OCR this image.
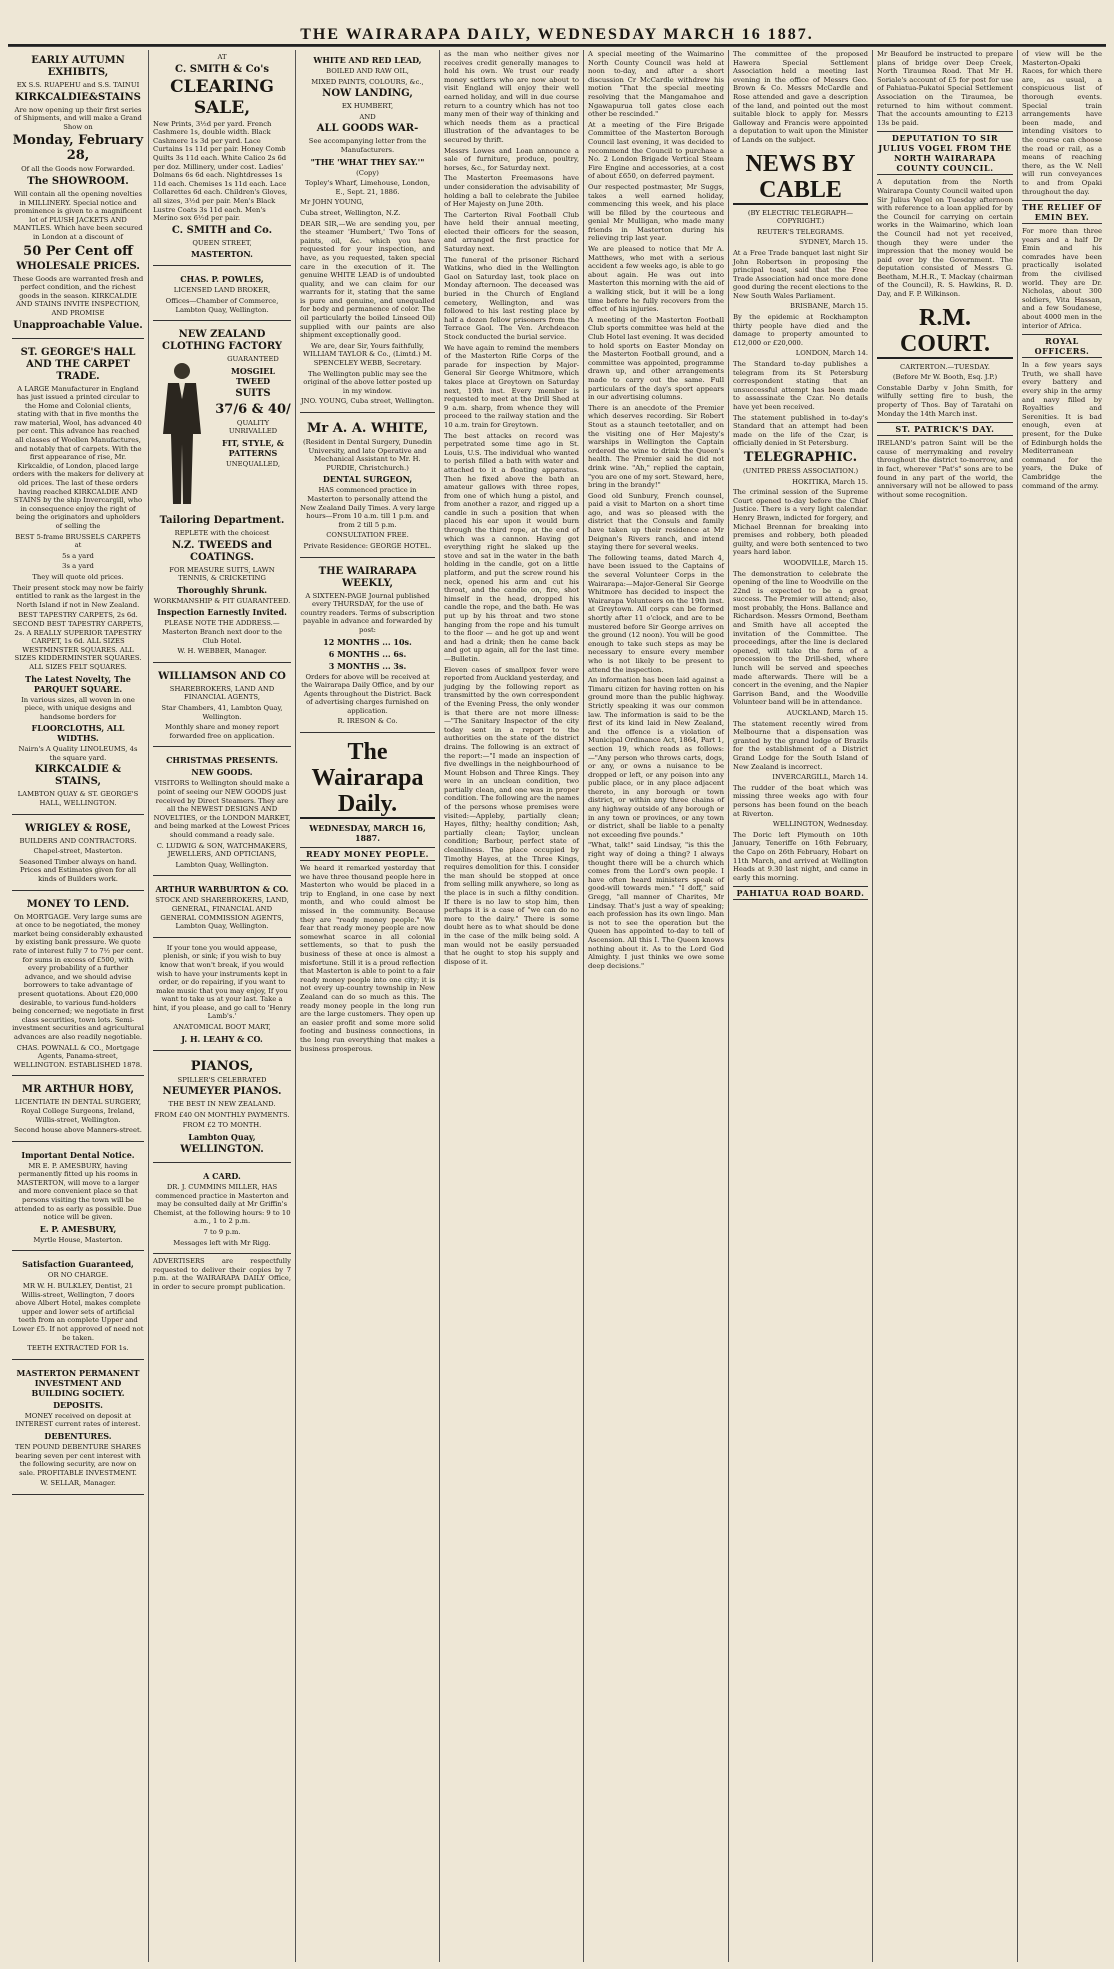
THE WAIRARAPA DAILY, WEDNESDAY MARCH 16 1887.
EARLY AUTUMN EXHIBITS,

EX S.S. RUAPEHU and S.S. TAINUI

KIRKCALDIE&STAINS

Are now opening up their first series of Shipments, and will make a Grand Show on

Monday, February 28,

Of all the Goods now Forwarded.

The SHOWROOM.

Will contain all the opening novelties in MILLINERY. Special notice and prominence is given to a magnificent lot of PLUSH JACKETS AND MANTLES. Which have been secured in London at a discount of

50 Per Cent off
WHOLESALE PRICES.

These Goods are warranted fresh and perfect condition, and the richest goods in the season. KIRKCALDIE AND STAINS INVITE INSPECTION, AND PROMISE

Unapproachable Value.
ST. GEORGE'S HALL AND THE CARPET TRADE.

A LARGE Manufacturer in England has just issued a printed circular to the Home and Colonial clients, stating with that in five months the raw material, Wool, has advanced 40 per cent. This advance has reached all classes of Woollen Manufactures, and notably that of carpets. With the first appearance of rise, Mr. Kirkcaldie, of London, placed large orders with the makers for delivery at old prices. The last of these orders having reached KIRKCALDIE AND STAINS by the ship Invercargill, who in consequence enjoy the right of being the originators and upholders of selling the

BEST 5-frame BRUSSELS CARPETS at

5s a yard

3s a yard

They will quote old prices.

Their present stock may now be fairly entitled to rank as the largest in the North Island if not in New Zealand.

BEST TAPESTRY CARPETS, 2s 6d. SECOND BEST TAPESTRY CARPETS, 2s. A REALLY SUPERIOR TAPESTRY CARPET, 1s 6d. ALL SIZES WESTMINSTER SQUARES. ALL SIZES KIDDERMINSTER SQUARES. ALL SIZES FELT SQUARES.

The Latest Novelty, The PARQUET SQUARE.

In various sizes, all woven in one piece, with unique designs and handsome borders for

FLOORCLOTHS, ALL WIDTHS.

Nairn's A Quality LINOLEUMS, 4s the square yard.

KIRKCALDIE & STAINS,

LAMBTON QUAY & ST. GEORGE'S HALL, WELLINGTON.

WRIGLEY & ROSE,

BUILDERS AND CONTRACTORS.

Chapel-street, Masterton.

Seasoned Timber always on hand. Prices and Estimates given for all kinds of Builders work.

MONEY TO LEND.

On MORTGAGE. Very large sums are at once to be negotiated, the money market being considerably exhausted by existing bank pressure. We quote rate of interest fully 7 to 7½ per cent. for sums in excess of £500, with every probability of a further advance, and we should advise borrowers to take advantage of present quotations. About £20,000 desirable, to various fund-holders being concerned; we negotiate in first class securities, town lots. Semi-investment securities and agricultural advances are also readily negotiable.

CHAS. POWNALL & CO., Mortgage Agents, Panama-street, WELLINGTON. ESTABLISHED 1878.

MR ARTHUR HOBY,

LICENTIATE IN DENTAL SURGERY, Royal College Surgeons, Ireland, Willis-street, Wellington.

Second house above Manners-street.

Important Dental Notice.

MR E. P. AMESBURY, having permanently fitted up his rooms in MASTERTON, will move to a larger and more convenient place so that persons visiting the town will be attended to as early as possible. Due notice will be given.

E. P. AMESBURY,

Myrtle House, Masterton.

Satisfaction Guaranteed,

OR NO CHARGE.

MR W. H. BULKLEY, Dentist, 21 Willis-street, Wellington, 7 doors above Albert Hotel, makes complete upper and lower sets of artificial teeth from an complete Upper and Lower £5. If not approved of need not be taken.

TEETH EXTRACTED FOR 1s.

MASTERTON PERMANENT INVESTMENT AND BUILDING SOCIETY.
DEPOSITS.

MONEY received on deposit at INTEREST current rates of interest.

DEBENTURES.

TEN POUND DEBENTURE SHARES bearing seven per cent interest with the following security, are now on sale. PROFITABLE INVESTMENT.

W. SELLAR, Manager.

AT

C. SMITH & Co's
CLEARING
SALE,

New Prints, 3½d per yard. French Cashmere 1s, double width. Black Cashmere 1s 3d per yard. Lace Curtains 1s 11d per pair. Honey Comb Quilts 3s 11d each. White Calico 2s 6d per doz. Millinery, under cost. Ladies' Dolmans 6s 6d each. Nightdresses 1s 11d each. Chemises 1s 11d each. Lace Collarettes 6d each. Children's Gloves, all sizes, 3½d per pair. Men's Black Lustre Coats 3s 11d each. Men's Merino sox 6½d per pair.

C. SMITH and Co.

QUEEN STREET,

MASTERTON.
CHAS. P. POWLES,

LICENSED LAND BROKER,

Offices—Chamber of Commerce, Lambton Quay, Wellington.

NEW ZEALAND CLOTHING FACTORY

GUARANTEED

MOSGIEL TWEED
SUITS
37/6 & 40/

QUALITY UNRIVALLED

FIT, STYLE, & PATTERNS

UNEQUALLED,

Tailoring Department.

REPLETE with the choicest

N.Z. TWEEDS and COATINGS.

FOR MEASURE SUITS, LAWN TENNIS, & CRICKETING

Thoroughly Shrunk.

WORKMANSHIP & FIT GUARANTEED.

Inspection Earnestly Invited.

PLEASE NOTE THE ADDRESS.— Masterton Branch next door to the Club Hotel.

W. H. WEBBER, Manager.

WILLIAMSON AND CO

SHAREBROKERS, LAND AND FINANCIAL AGENTS,

Star Chambers, 41, Lambton Quay, Wellington.

Monthly share and money report forwarded free on application.

CHRISTMAS PRESENTS.
NEW GOODS.

VISITORS to Wellington should make a point of seeing our NEW GOODS just received by Direct Steamers. They are all the NEWEST DESIGNS AND NOVELTIES, or the LONDON MARKET, and being marked at the Lowest Prices should command a ready sale.

C. LUDWIG & SON, WATCHMAKERS, JEWELLERS, AND OPTICIANS,

Lambton Quay, Wellington.

ARTHUR WARBURTON & CO.

STOCK AND SHAREBROKERS, LAND, GENERAL, FINANCIAL AND GENERAL COMMISSION AGENTS, Lambton Quay, Wellington.

If your tone you would appease, plenish, or sink; if you wish to buy know that won't break, if you would wish to have your instruments kept in order, or do repairing, if you want to make music that you may enjoy, If you want to take us at your last. Take a hint, if you please, and go call to 'Henry Lamb's.'

ANATOMICAL BOOT MART,

J. H. LEAHY & CO.
PIANOS,

SPILLER'S CELEBRATED

NEUMEYER PIANOS.

THE BEST IN NEW ZEALAND.

FROM £40 ON MONTHLY PAYMENTS.

FROM £2 TO MONTH.

Lambton Quay,
WELLINGTON.
A CARD.

DR. J. CUMMINS MILLER, HAS commenced practice in Masterton and may be consulted daily at Mr Griffin's Chemist, at the following hours: 9 to 10 a.m., 1 to 2 p.m.

7 to 9 p.m.

Messages left with Mr Rigg.

ADVERTISERS are respectfully requested to deliver their copies by 7 p.m. at the WAIRARAPA DAILY Office, in order to secure prompt publication.

WHITE AND RED LEAD,

BOILED AND RAW OIL,

MIXED PAINTS, COLOURS, &c.,

NOW LANDING,

EX HUMBERT,

AND

ALL GOODS WAR-

See accompanying letter from the Manufacturers.

"THE 'WHAT THEY SAY.'"

(Copy)

Topley's Wharf, Limehouse, London, E., Sept. 21, 1886.

Mr JOHN YOUNG,

Cuba street, Wellington, N.Z.

DEAR SIR,—We are sending you, per the steamer 'Humbert,' Two Tons of paints, oil, &c. which you have requested for your inspection, and have, as you requested, taken special care in the execution of it. The genuine WHITE LEAD is of undoubted quality, and we can claim for our warrants for it, stating that the same is pure and genuine, and unequalled for body and permanence of color. The oil particularly the boiled Linseed Oil) supplied with our paints are also shipment exceptionally good.

We are, dear Sir, Yours faithfully, WILLIAM TAYLOR & Co., (Limtd.) M. SPENCELEY WEBB, Secretary.

The Wellington public may see the original of the above letter posted up in my window.

JNO. YOUNG, Cuba street, Wellington.

Mr A. A. WHITE,

(Resident in Dental Surgery, Dunedin University, and late Operative and Mechanical Assistant to Mr. H. PURDIE, Christchurch.)

DENTAL SURGEON,

HAS commenced practice in Masterton to personally attend the New Zealand Daily Times. A very large hours—From 10 a.m. till 1 p.m. and from 2 till 5 p.m.

CONSULTATION FREE.

Private Residence: GEORGE HOTEL.

THE WAIRARAPA WEEKLY,

A SIXTEEN-PAGE Journal published every THURSDAY, for the use of country readers. Terms of subscription payable in advance and forwarded by post:

12 MONTHS ... 10s.
6 MONTHS ... 6s.
3 MONTHS ... 3s.

Orders for above will be received at the Wairarapa Daily Office, and by our Agents throughout the District. Back of advertising charges furnished on application.

R. IRESON & Co.

The Wairarapa Daily.
WEDNESDAY, MARCH 16, 1887.
READY MONEY PEOPLE.

We heard it remarked yesterday that we have three thousand people here in Masterton who would be placed in a trip to England, in one case by next month, and who could almost be missed in the community. Because they are "ready money people." We fear that ready money people are now somewhat scarce in all colonial settlements, so that to push the business of these at once is almost a misfortune. Still it is a proud reflection that Masterton is able to point to a fair ready money people into one city; it is not every up-country township in New Zealand can do so much as this. The ready money people in the long run are the large customers. They open up an easier profit and some more solid footing and business connections, in the long run everything that makes a business prosperous.

as the man who neither gives nor receives credit generally manages to hold his own. We trust our ready money settlers who are now about to visit England will enjoy their well earned holiday, and will in due course return to a country which has not too many men of their way of thinking and which needs them as a practical illustration of the advantages to be secured by thrift.

Messrs Lowes and Loan announce a sale of furniture, produce, poultry, horses, &c., for Saturday next.

The Masterton Freemasons have under consideration the advisability of holding a ball to celebrate the Jubilee of Her Majesty on June 20th.

The Carterton Rival Football Club have held their annual meeting, elected their officers for the season, and arranged the first practice for Saturday next.

The funeral of the prisoner Richard Watkins, who died in the Wellington Gaol on Saturday last, took place on Monday afternoon. The deceased was buried in the Church of England cemetery, Wellington, and was followed to his last resting place by half a dozen fellow prisoners from the Terrace Gaol. The Ven. Archdeacon Stock conducted the burial service.

We have again to remind the members of the Masterton Rifle Corps of the parade for inspection by Major-General Sir George Whitmore, which takes place at Greytown on Saturday next, 19th inst. Every member is requested to meet at the Drill Shed at 9 a.m. sharp, from whence they will proceed to the railway station and the 10 a.m. train for Greytown.

The best attacks on record was perpetrated some time ago in St. Louis, U.S. The individual who wanted to perish filled a bath with water and attached to it a floating apparatus. Then he fixed above the bath an amateur gallows with three ropes, from one of which hung a pistol, and from another a razor, and rigged up a candle in such a position that when placed his ear upon it would burn through the third rope, at the end of which was a cannon. Having got everything right he slaked up the stove and sat in the water in the bath holding in the candle, got on a little platform, and put the screw round his neck, opened his arm and cut his throat, and the candle on, fire, shot himself in the head, dropped his candle the rope, and the bath. He was put up by his throat and two stone hanging from the rope and his tumult to the floor — and he got up and went and had a drink; then he came back and got up again, all for the last time.—Bulletin.

Eleven cases of smallpox fever were reported from Auckland yesterday, and judging by the following report as transmitted by the own correspondent of the Evening Press, the only wonder is that there are not more illness:—"The Sanitary Inspector of the city today sent in a report to the authorities on the state of the district drains. The following is an extract of the report:—"I made an inspection of five dwellings in the neighbourhood of Mount Hobson and Three Kings. They were in an unclean condition, two partially clean, and one was in proper condition. The following are the names of the persons whose premises were visited:—Appleby, partially clean; Hayes, filthy; healthy condition; Ash, partially clean; Taylor, unclean condition; Barbour, perfect state of cleanliness. The place occupied by Timothy Hayes, at the Three Kings, requires demolition for this. I consider the man should be stopped at once from selling milk anywhere, so long as the place is in such a filthy condition. If there is no law to stop him, then perhaps it is a case of "we can do no more to the dairy." There is some doubt here as to what should be done in the case of the milk being sold. A man would not be easily persuaded that he ought to stop his supply and dispose of it.

A special meeting of the Waimarino North County Council was held at noon to-day, and after a short discussion Cr McCardle withdrew his motion "That the special meeting resolving that the Mangamahoe and Ngawapurua toll gates close each other be rescinded."

At a meeting of the Fire Brigade Committee of the Masterton Borough Council last evening, it was decided to recommend the Council to purchase a No. 2 London Brigade Vertical Steam Fire Engine and accessories, at a cost of about £650, on deferred payment.

Our respected postmaster, Mr Suggs, takes a well earned holiday, commencing this week, and his place will be filled by the courteous and genial Mr Mulligan, who made many friends in Masterton during his relieving trip last year.

We are pleased to notice that Mr A. Matthews, who met with a serious accident a few weeks ago, is able to go about again. He was out into Masterton this morning with the aid of a walking stick, but it will be a long time before he fully recovers from the effect of his injuries.

A meeting of the Masterton Football Club sports committee was held at the Club Hotel last evening. It was decided to hold sports on Easter Monday on the Masterton Football ground, and a committee was appointed, programme drawn up, and other arrangements made to carry out the same. Full particulars of the day's sport appears in our advertising columns.

There is an anecdote of the Premier which deserves recording. Sir Robert Stout as a staunch teetotaller, and on the visiting one of Her Majesty's warships in Wellington the Captain ordered the wine to drink the Queen's health. The Premier said he did not drink wine. "Ah," replied the captain, "you are one of my sort. Steward, here, bring in the brandy!"

Good old Sunbury, French counsel, paid a visit to Marton on a short time ago, and was so pleased with the district that the Consuls and family have taken up their residence at Mr Deignan's Rivers ranch, and intend staying there for several weeks.

The following teams, dated March 4, have been issued to the Captains of the several Volunteer Corps in the Wairarapa:—Major-General Sir George Whitmore has decided to inspect the Wairarapa Volunteers on the 19th inst. at Greytown. All corps can be formed shortly after 11 o'clock, and are to be mustered before Sir George arrives on the ground (12 noon). You will be good enough to take such steps as may be necessary to ensure every member who is not likely to be present to attend the inspection.

An information has been laid against a Timaru citizen for having rotten on his ground more than the public highway. Strictly speaking it was our common law. The information is said to be the first of its kind laid in New Zealand, and the offence is a violation of Municipal Ordinance Act, 1864, Part 1, section 19, which reads as follows:—"Any person who throws carts, dogs, or any, or owns a nuisance to be dropped or left, or any poison into any public place, or in any place adjacent thereto, in any borough or town district, or within any three chains of any highway outside of any borough or in any town or provinces, or any town or district, shall be liable to a penalty not exceeding five pounds."

"What, talk!" said Lindsay, "is this the right way of doing a thing? I always thought there will be a church which comes from the Lord's own people. I have often heard ministers speak of good-will towards men." "I doff," said Gregg, "all manner of Charites, Mr Lindsay. That's just a way of speaking; each profession has its own lingo. Man is not to see the operation but the Queen has appointed to-day to tell of Ascension. All this I. The Queen knows nothing about it. As to the Lord God Almighty. I just thinks we owe some deep decisions."

The committee of the proposed Hawera Special Settlement Association held a meeting last evening in the office of Messrs Geo. Brown & Co. Messrs McCardle and Rose attended and gave a description of the land, and pointed out the most suitable block to apply for. Messrs Galloway and Francis were appointed a deputation to wait upon the Minister of Lands on the subject.

NEWS BY CABLE

(BY ELECTRIC TELEGRAPH—COPYRIGHT.)

REUTER'S TELEGRAMS.

SYDNEY, March 15.

At a Free Trade banquet last night Sir John Robertson in proposing the principal toast, said that the Free Trade Association had once more done good during the recent elections to the New South Wales Parliament.

BRISBANE, March 15.

By the epidemic at Rockhampton thirty people have died and the damage to property amounted to £12,000 or £20,000.

LONDON, March 14.

The Standard to-day publishes a telegram from its St Petersburg correspondent stating that an unsuccessful attempt has been made to assassinate the Czar. No details have yet been received.

The statement published in to-day's Standard that an attempt had been made on the life of the Czar, is officially denied in St Petersburg.

TELEGRAPHIC.

(UNITED PRESS ASSOCIATION.)

HOKITIKA, March 15.

The criminal session of the Supreme Court opened to-day before the Chief Justice. There is a very light calendar. Henry Brawn, indicted for forgery, and Michael Brennan for breaking into premises and robbery, both pleaded guilty, and were both sentenced to two years hard labor.

WOODVILLE, March 15.

The demonstration to celebrate the opening of the line to Woodville on the 22nd is expected to be a great success. The Premier will attend; also, most probably, the Hons. Ballance and Richardson. Messrs Ormond, Beetham and Smith have all accepted the invitation of the Committee. The proceedings, after the line is declared opened, will take the form of a procession to the Drill-shed, where lunch will be served and speeches made afterwards. There will be a concert in the evening, and the Napier Garrison Band, and the Woodville Volunteer band will be in attendance.

AUCKLAND, March 15.

The statement recently wired from Melbourne that a dispensation was granted by the grand lodge of Brazils for the establishment of a District Grand Lodge for the South Island of New Zealand is incorrect.

INVERCARGILL, March 14.

The rudder of the boat which was missing three weeks ago with four persons has been found on the beach at Riverton.

WELLINGTON, Wednesday.

The Doric left Plymouth on 10th January, Teneriffe on 16th February, the Capo on 26th February, Hobart on 11th March, and arrived at Wellington Heads at 9.30 last night, and came in early this morning.

PAHIATUA ROAD BOARD.

Mr Beauford be instructed to prepare plans of bridge over Deep Creek, North Tiraumea Road. That Mr H. Soriale's account of £5 for post for use of Pahiatua-Pukatoi Special Settlement Association on the Tiraumea, be returned to him without comment. That the accounts amounting to £213 13s be paid.

DEPUTATION TO SIR JULIUS VOGEL FROM THE NORTH WAIRARAPA COUNTY COUNCIL.

A deputation from the North Wairarapa County Council waited upon Sir Julius Vogel on Tuesday afternoon with reference to a loan applied for by the Council for carrying on certain works in the Waimarino, which loan the Council had not yet received, though they were under the impression that the money would be paid over by the Government. The deputation consisted of Messrs G. Beetham, M.H.R., T. Mackay (chairman of the Council), R. S. Hawkins, R. D. Day, and F. P. Wilkinson.

R.M. COURT.

CARTERTON.—TUESDAY.

(Before Mr W. Booth, Esq. J.P.)

Constable Darby v John Smith, for wilfully setting fire to bush, the property of Thos. Bay of Taratahi on Monday the 14th March inst.

ST. PATRICK'S DAY.

IRELAND's patron Saint will be the cause of merrymaking and revelry throughout the district to-morrow, and in fact, wherever "Pat's" sons are to be found in any part of the world, the anniversary will not be allowed to pass without some recognition.

of view will be the Masterton-Opaki Races, for which there are, as usual, a conspicuous list of thorough events. Special train arrangements have been made, and intending visitors to the course can choose the road or rail, as a means of reaching there, as the W. Nell will run conveyances to and from Opaki throughout the day.

THE RELIEF OF EMIN BEY.

For more than three years and a half Dr Emin and his comrades have been practically isolated from the civilised world. They are Dr. Nicholas, about 300 soldiers, Vita Hassan, and a few Soudanese, about 4000 men in the interior of Africa.

ROYAL OFFICERS.

In a few years says Truth, we shall have every battery and every ship in the army and navy filled by Royalties and Serenities. It is bad enough, even at present, for the Duke of Edinburgh holds the Mediterranean command for the years, the Duke of Cambridge the command of the army.
